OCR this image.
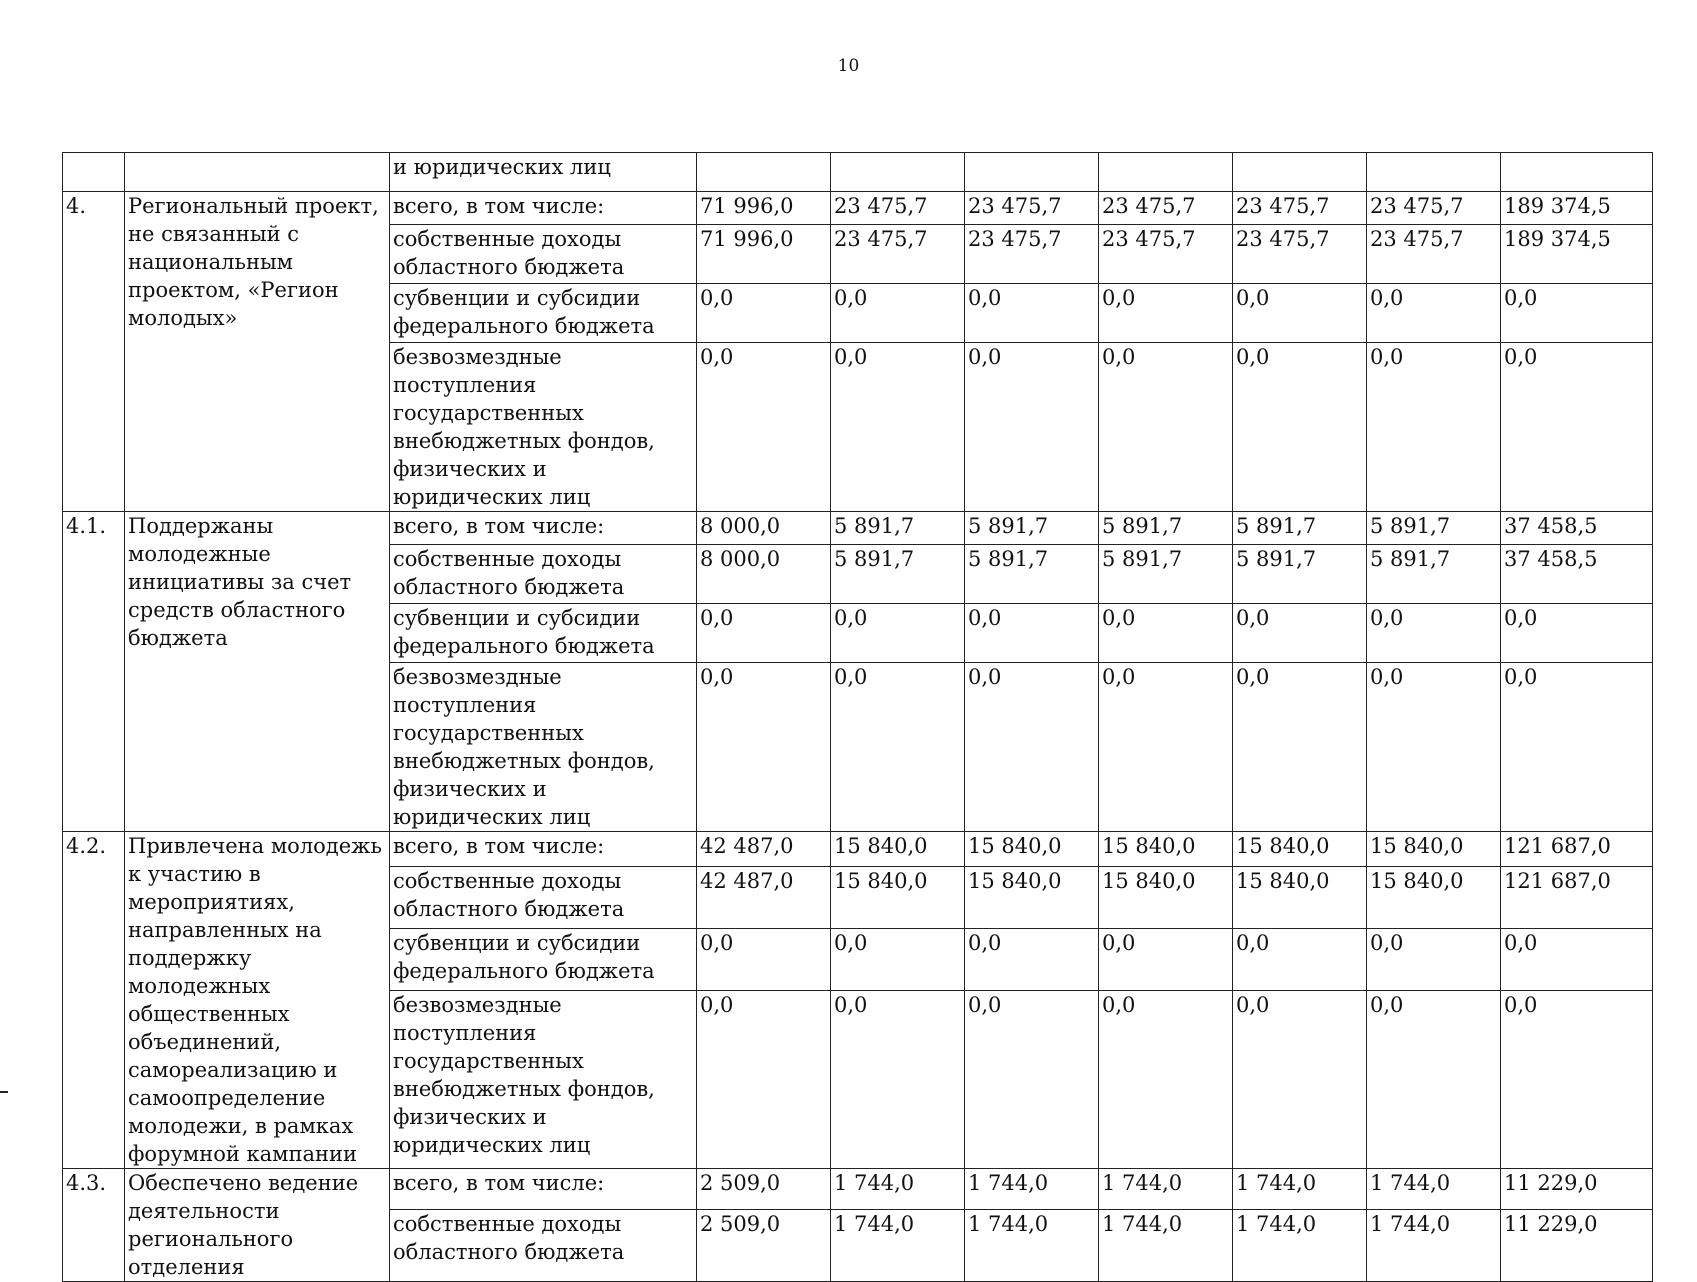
10
		и юридических лиц							
4.	Региональный проект, не связанный с национальным проектом, «Регион молодых»	всего, в том числе:	71 996,0	23 475,7	23 475,7	23 475,7	23 475,7	23 475,7	189 374,5
		собственные доходы областного бюджета	71 996,0	23 475,7	23 475,7	23 475,7	23 475,7	23 475,7	189 374,5
		субвенции и субсидии федерального бюджета	0,0	0,0	0,0	0,0	0,0	0,0	0,0
		безвозмездные поступления государственных внебюджетных фондов, физических и юридических лиц	0,0	0,0	0,0	0,0	0,0	0,0	0,0
4.1.	Поддержаны молодежные инициативы за счет средств областного бюджета	всего, в том числе:	8 000,0	5 891,7	5 891,7	5 891,7	5 891,7	5 891,7	37 458,5
		собственные доходы областного бюджета	8 000,0	5 891,7	5 891,7	5 891,7	5 891,7	5 891,7	37 458,5
		субвенции и субсидии федерального бюджета	0,0	0,0	0,0	0,0	0,0	0,0	0,0
		безвозмездные поступления государственных внебюджетных фондов, физических и юридических лиц	0,0	0,0	0,0	0,0	0,0	0,0	0,0
4.2.	Привлечена молодежь к участию в мероприятиях, направленных на поддержку молодежных общественных объединений, самореализацию и самоопределение молодежи, в рамках форумной кампании	всего, в том числе:	42 487,0	15 840,0	15 840,0	15 840,0	15 840,0	15 840,0	121 687,0
		собственные доходы областного бюджета	42 487,0	15 840,0	15 840,0	15 840,0	15 840,0	15 840,0	121 687,0
		субвенции и субсидии федерального бюджета	0,0	0,0	0,0	0,0	0,0	0,0	0,0
		безвозмездные поступления государственных внебюджетных фондов, физических и юридических лиц	0,0	0,0	0,0	0,0	0,0	0,0	0,0
4.3.	Обеспечено ведение деятельности регионального отделения	всего, в том числе:	2 509,0	1 744,0	1 744,0	1 744,0	1 744,0	1 744,0	11 229,0
		собственные доходы областного бюджета	2 509,0	1 744,0	1 744,0	1 744,0	1 744,0	1 744,0	11 229,0
